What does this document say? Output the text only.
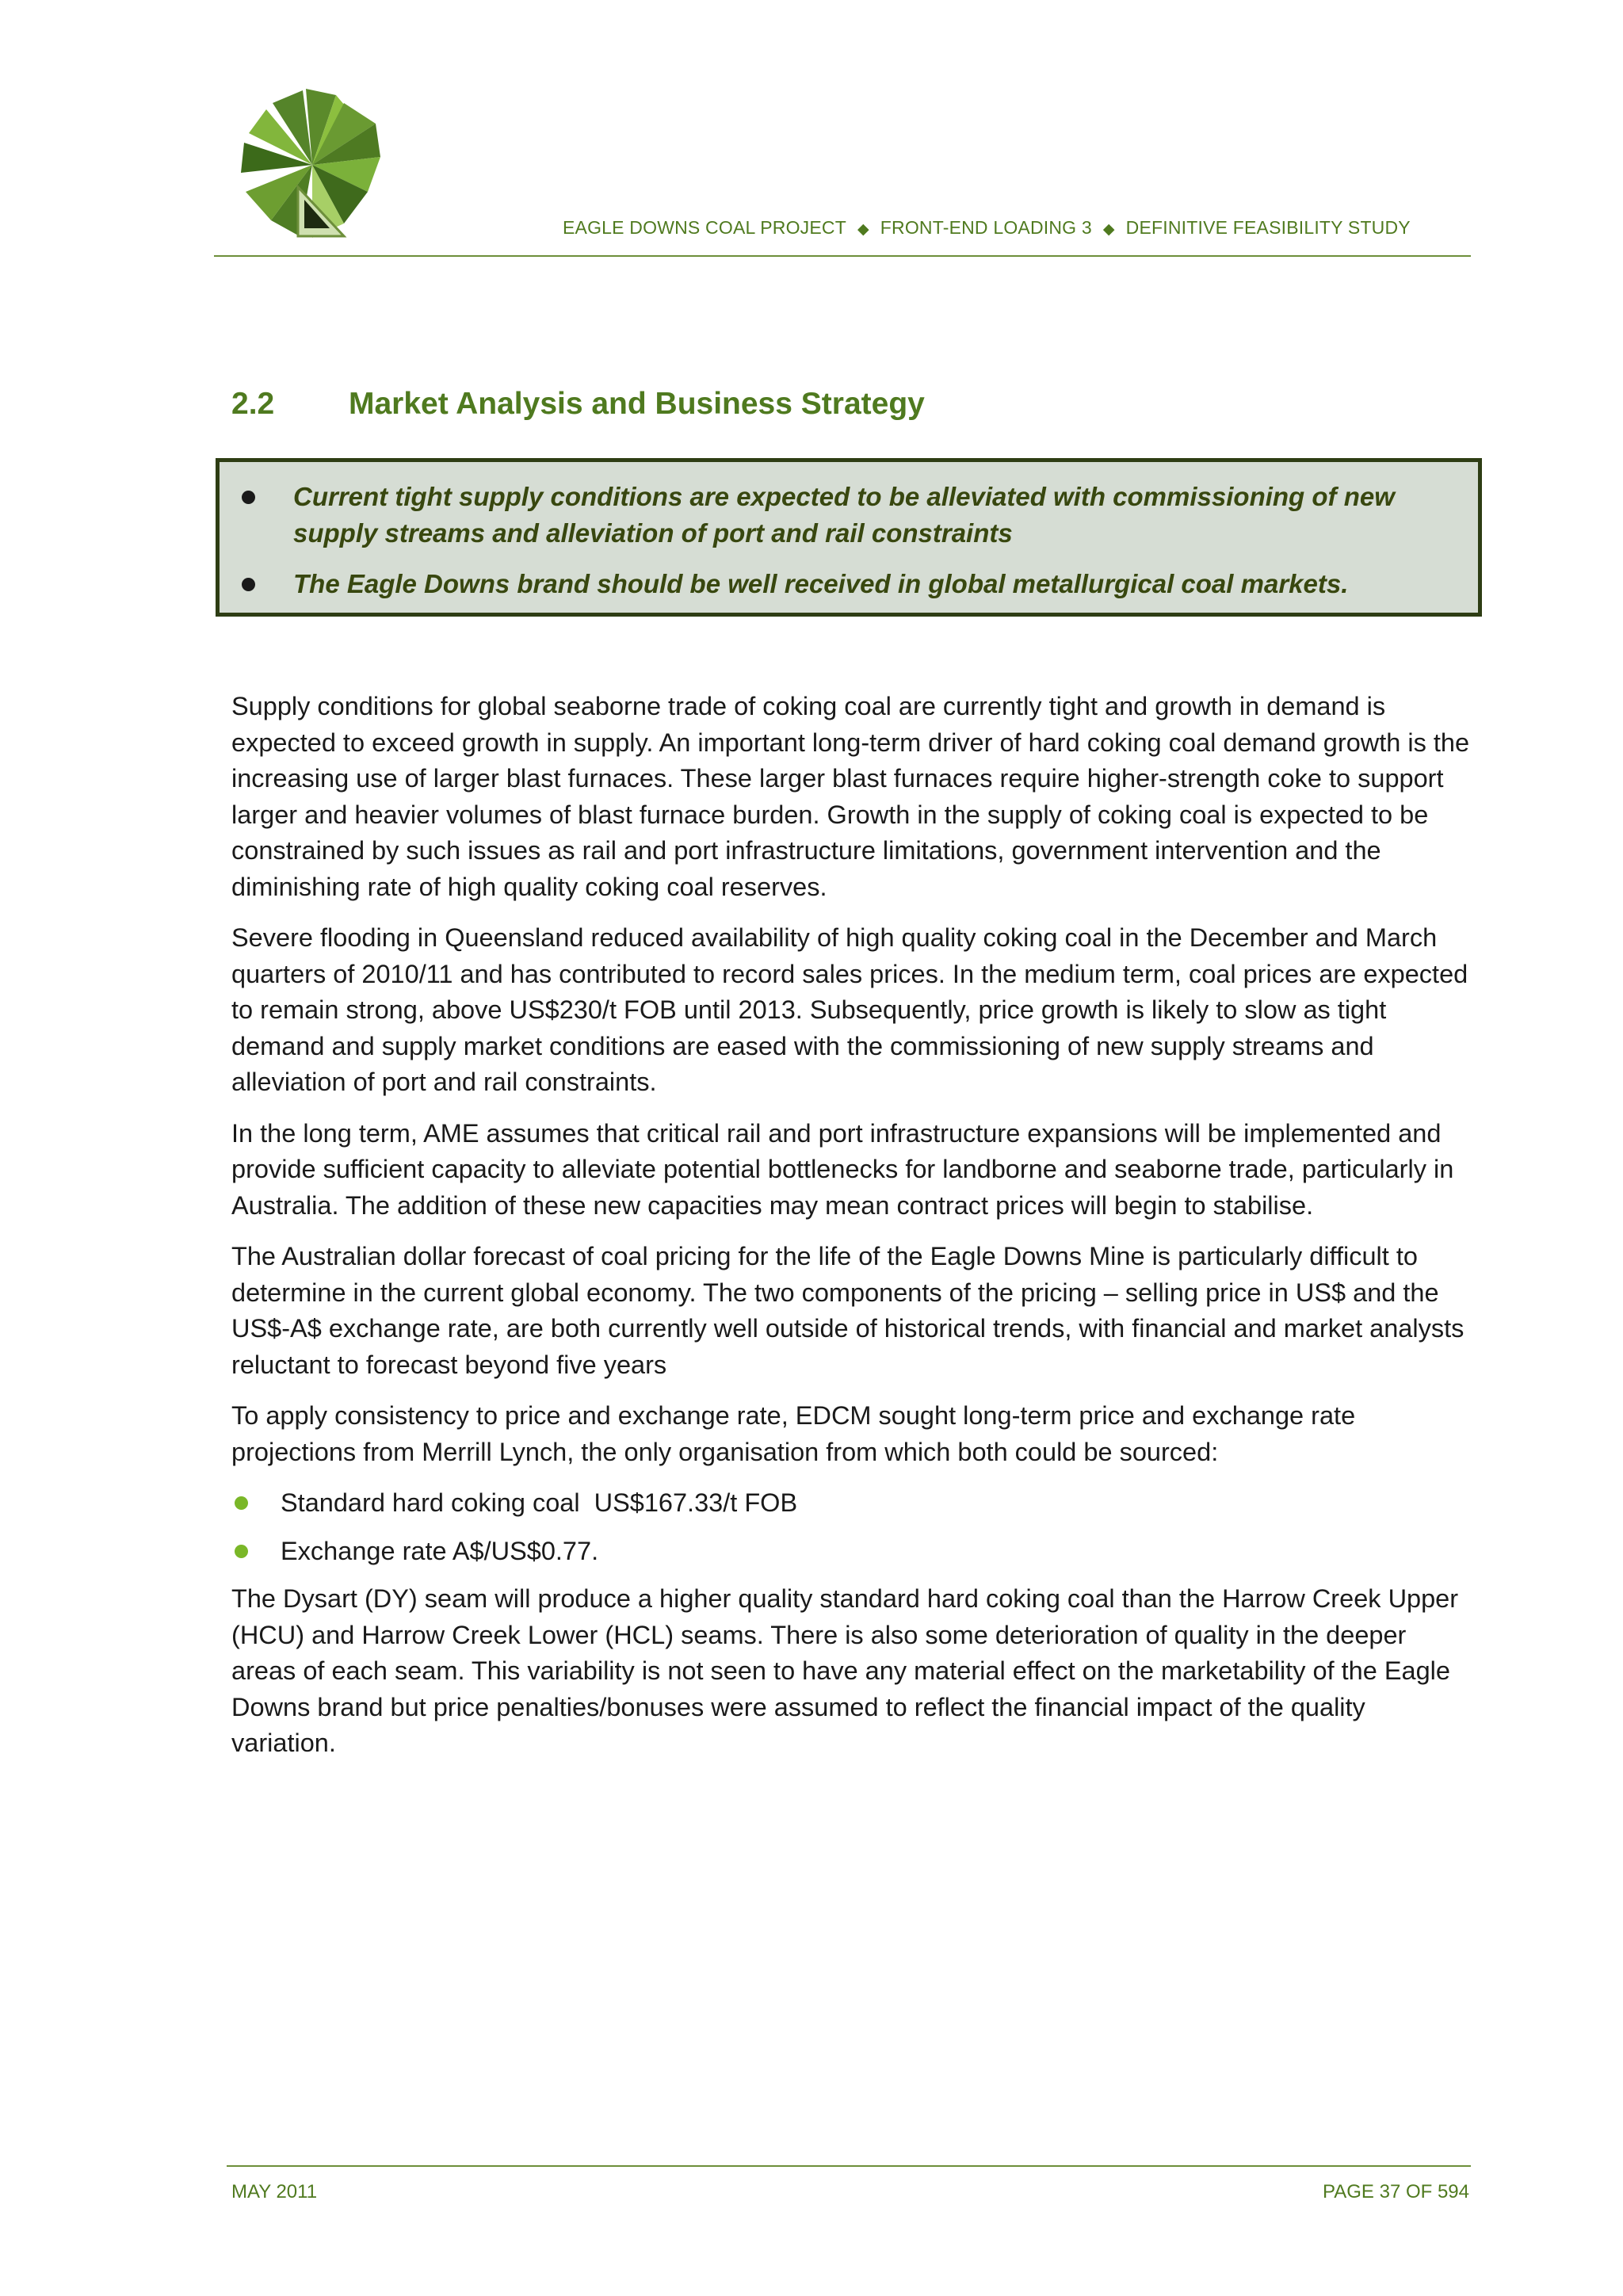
EAGLE DOWNS COAL PROJECT ◆ FRONT-END LOADING 3 ◆ DEFINITIVE FEASIBILITY STUDY
2.2 Market Analysis and Business Strategy
Current tight supply conditions are expected to be alleviated with commissioning of new supply streams and alleviation of port and rail constraints
The Eagle Downs brand should be well received in global metallurgical coal markets.

Supply conditions for global seaborne trade of coking coal are currently tight and growth in demand is expected to exceed growth in supply. An important long-term driver of hard coking coal demand growth is the increasing use of larger blast furnaces. These larger blast furnaces require higher-strength coke to support larger and heavier volumes of blast furnace burden. Growth in the supply of coking coal is expected to be constrained by such issues as rail and port infrastructure limitations, government intervention and the diminishing rate of high quality coking coal reserves.

Severe flooding in Queensland reduced availability of high quality coking coal in the December and March quarters of 2010/11 and has contributed to record sales prices. In the medium term, coal prices are expected to remain strong, above US$230/t FOB until 2013. Subsequently, price growth is likely to slow as tight demand and supply market conditions are eased with the commissioning of new supply streams and alleviation of port and rail constraints.

In the long term, AME assumes that critical rail and port infrastructure expansions will be implemented and provide sufficient capacity to alleviate potential bottlenecks for landborne and seaborne trade, particularly in Australia. The addition of these new capacities may mean contract prices will begin to stabilise.

The Australian dollar forecast of coal pricing for the life of the Eagle Downs Mine is particularly difficult to determine in the current global economy. The two components of the pricing – selling price in US$ and the US$-A$ exchange rate, are both currently well outside of historical trends, with financial and market analysts reluctant to forecast beyond five years

To apply consistency to price and exchange rate, EDCM sought long-term price and exchange rate projections from Merrill Lynch, the only organisation from which both could be sourced:

Standard hard coking coal US$167.33/t FOB
Exchange rate A$/US$0.77.

The Dysart (DY) seam will produce a higher quality standard hard coking coal than the Harrow Creek Upper (HCU) and Harrow Creek Lower (HCL) seams. There is also some deterioration of quality in the deeper areas of each seam. This variability is not seen to have any material effect on the marketability of the Eagle Downs brand but price penalties/bonuses were assumed to reflect the financial impact of the quality variation.

MAY 2011	PAGE 37 OF 594
